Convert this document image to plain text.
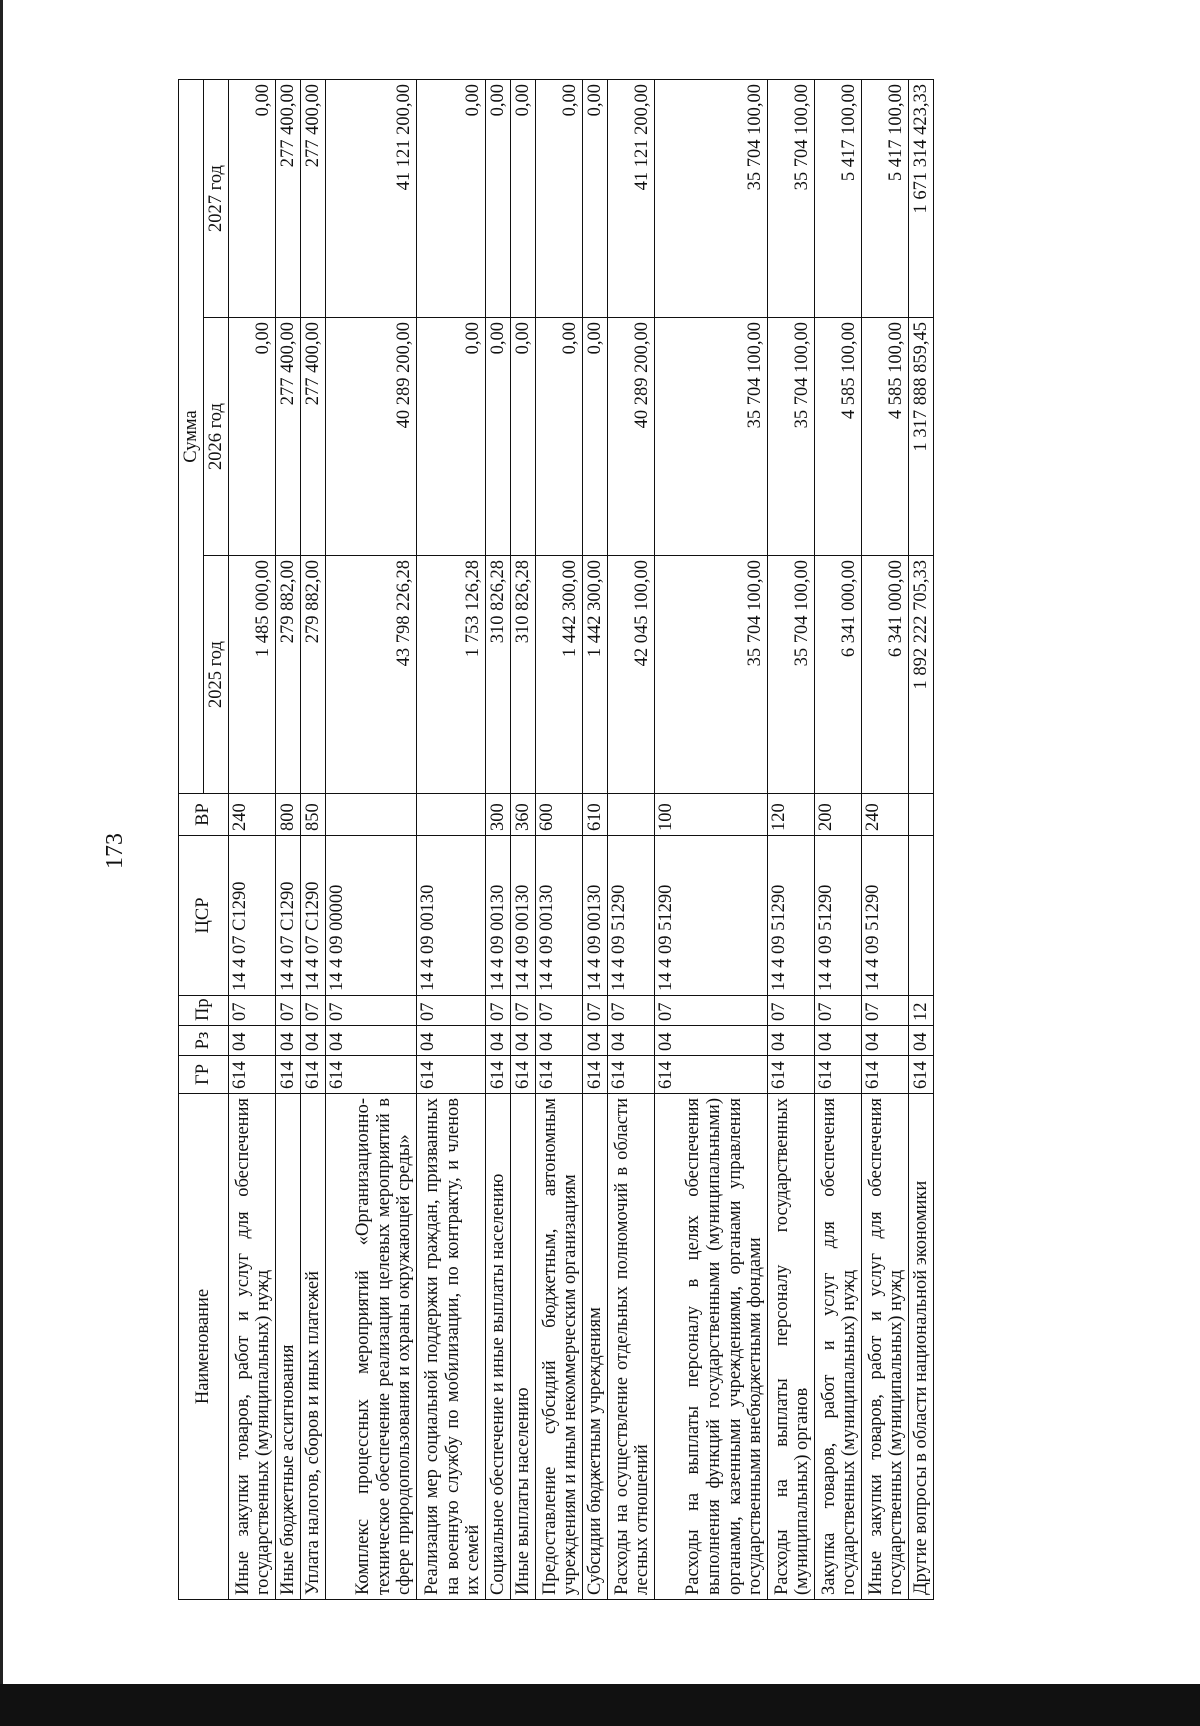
173
Наименование	ГР	Рз	Пр	ЦСР	ВР	Сумма		
						2025 год	2026 год	2027 год
Иные закупки товаров, работ и услуг для обеспечения государственных (муниципальных) нужд	614	04	07	14 4 07 С1290	240	1 485 000,00	0,00	0,00
Иные бюджетные ассигнования	614	04	07	14 4 07 С1290	800	279 882,00	277 400,00	277 400,00
Уплата налогов, сборов и иных платежей	614	04	07	14 4 07 С1290	850	279 882,00	277 400,00	277 400,00
Комплекс процессных мероприятий «Организационно-техническое обеспечение реализации целевых мероприятий в сфере природопользования и охраны окружающей среды»	614	04	07	14 4 09 00000		43 798 226,28	40 289 200,00	41 121 200,00
Реализация мер социальной поддержки граждан, призванных на военную службу по мобилизации, по контракту, и членов их семей	614	04	07	14 4 09 00130		1 753 126,28	0,00	0,00
Социальное обеспечение и иные выплаты населению	614	04	07	14 4 09 00130	300	310 826,28	0,00	0,00
Иные выплаты населению	614	04	07	14 4 09 00130	360	310 826,28	0,00	0,00
Предоставление субсидий бюджетным, автономным учреждениям и иным некоммерческим организациям	614	04	07	14 4 09 00130	600	1 442 300,00	0,00	0,00
Субсидии бюджетным учреждениям	614	04	07	14 4 09 00130	610	1 442 300,00	0,00	0,00
Расходы на осуществление отдельных полномочий в области лесных отношений	614	04	07	14 4 09 51290		42 045 100,00	40 289 200,00	41 121 200,00
Расходы на выплаты персоналу в целях обеспечения выполнения функций государственными (муниципальными) органами, казенными учреждениями, органами управления государственными внебюджетными фондами	614	04	07	14 4 09 51290	100	35 704 100,00	35 704 100,00	35 704 100,00
Расходы на выплаты персоналу государственных (муниципальных) органов	614	04	07	14 4 09 51290	120	35 704 100,00	35 704 100,00	35 704 100,00
Закупка товаров, работ и услуг для обеспечения государственных (муниципальных) нужд	614	04	07	14 4 09 51290	200	6 341 000,00	4 585 100,00	5 417 100,00
Иные закупки товаров, работ и услуг для обеспечения государственных (муниципальных) нужд	614	04	07	14 4 09 51290	240	6 341 000,00	4 585 100,00	5 417 100,00
Другие вопросы в области национальной экономики	614	04	12			1 892 222 705,33	1 317 888 859,45	1 671 314 423,33
